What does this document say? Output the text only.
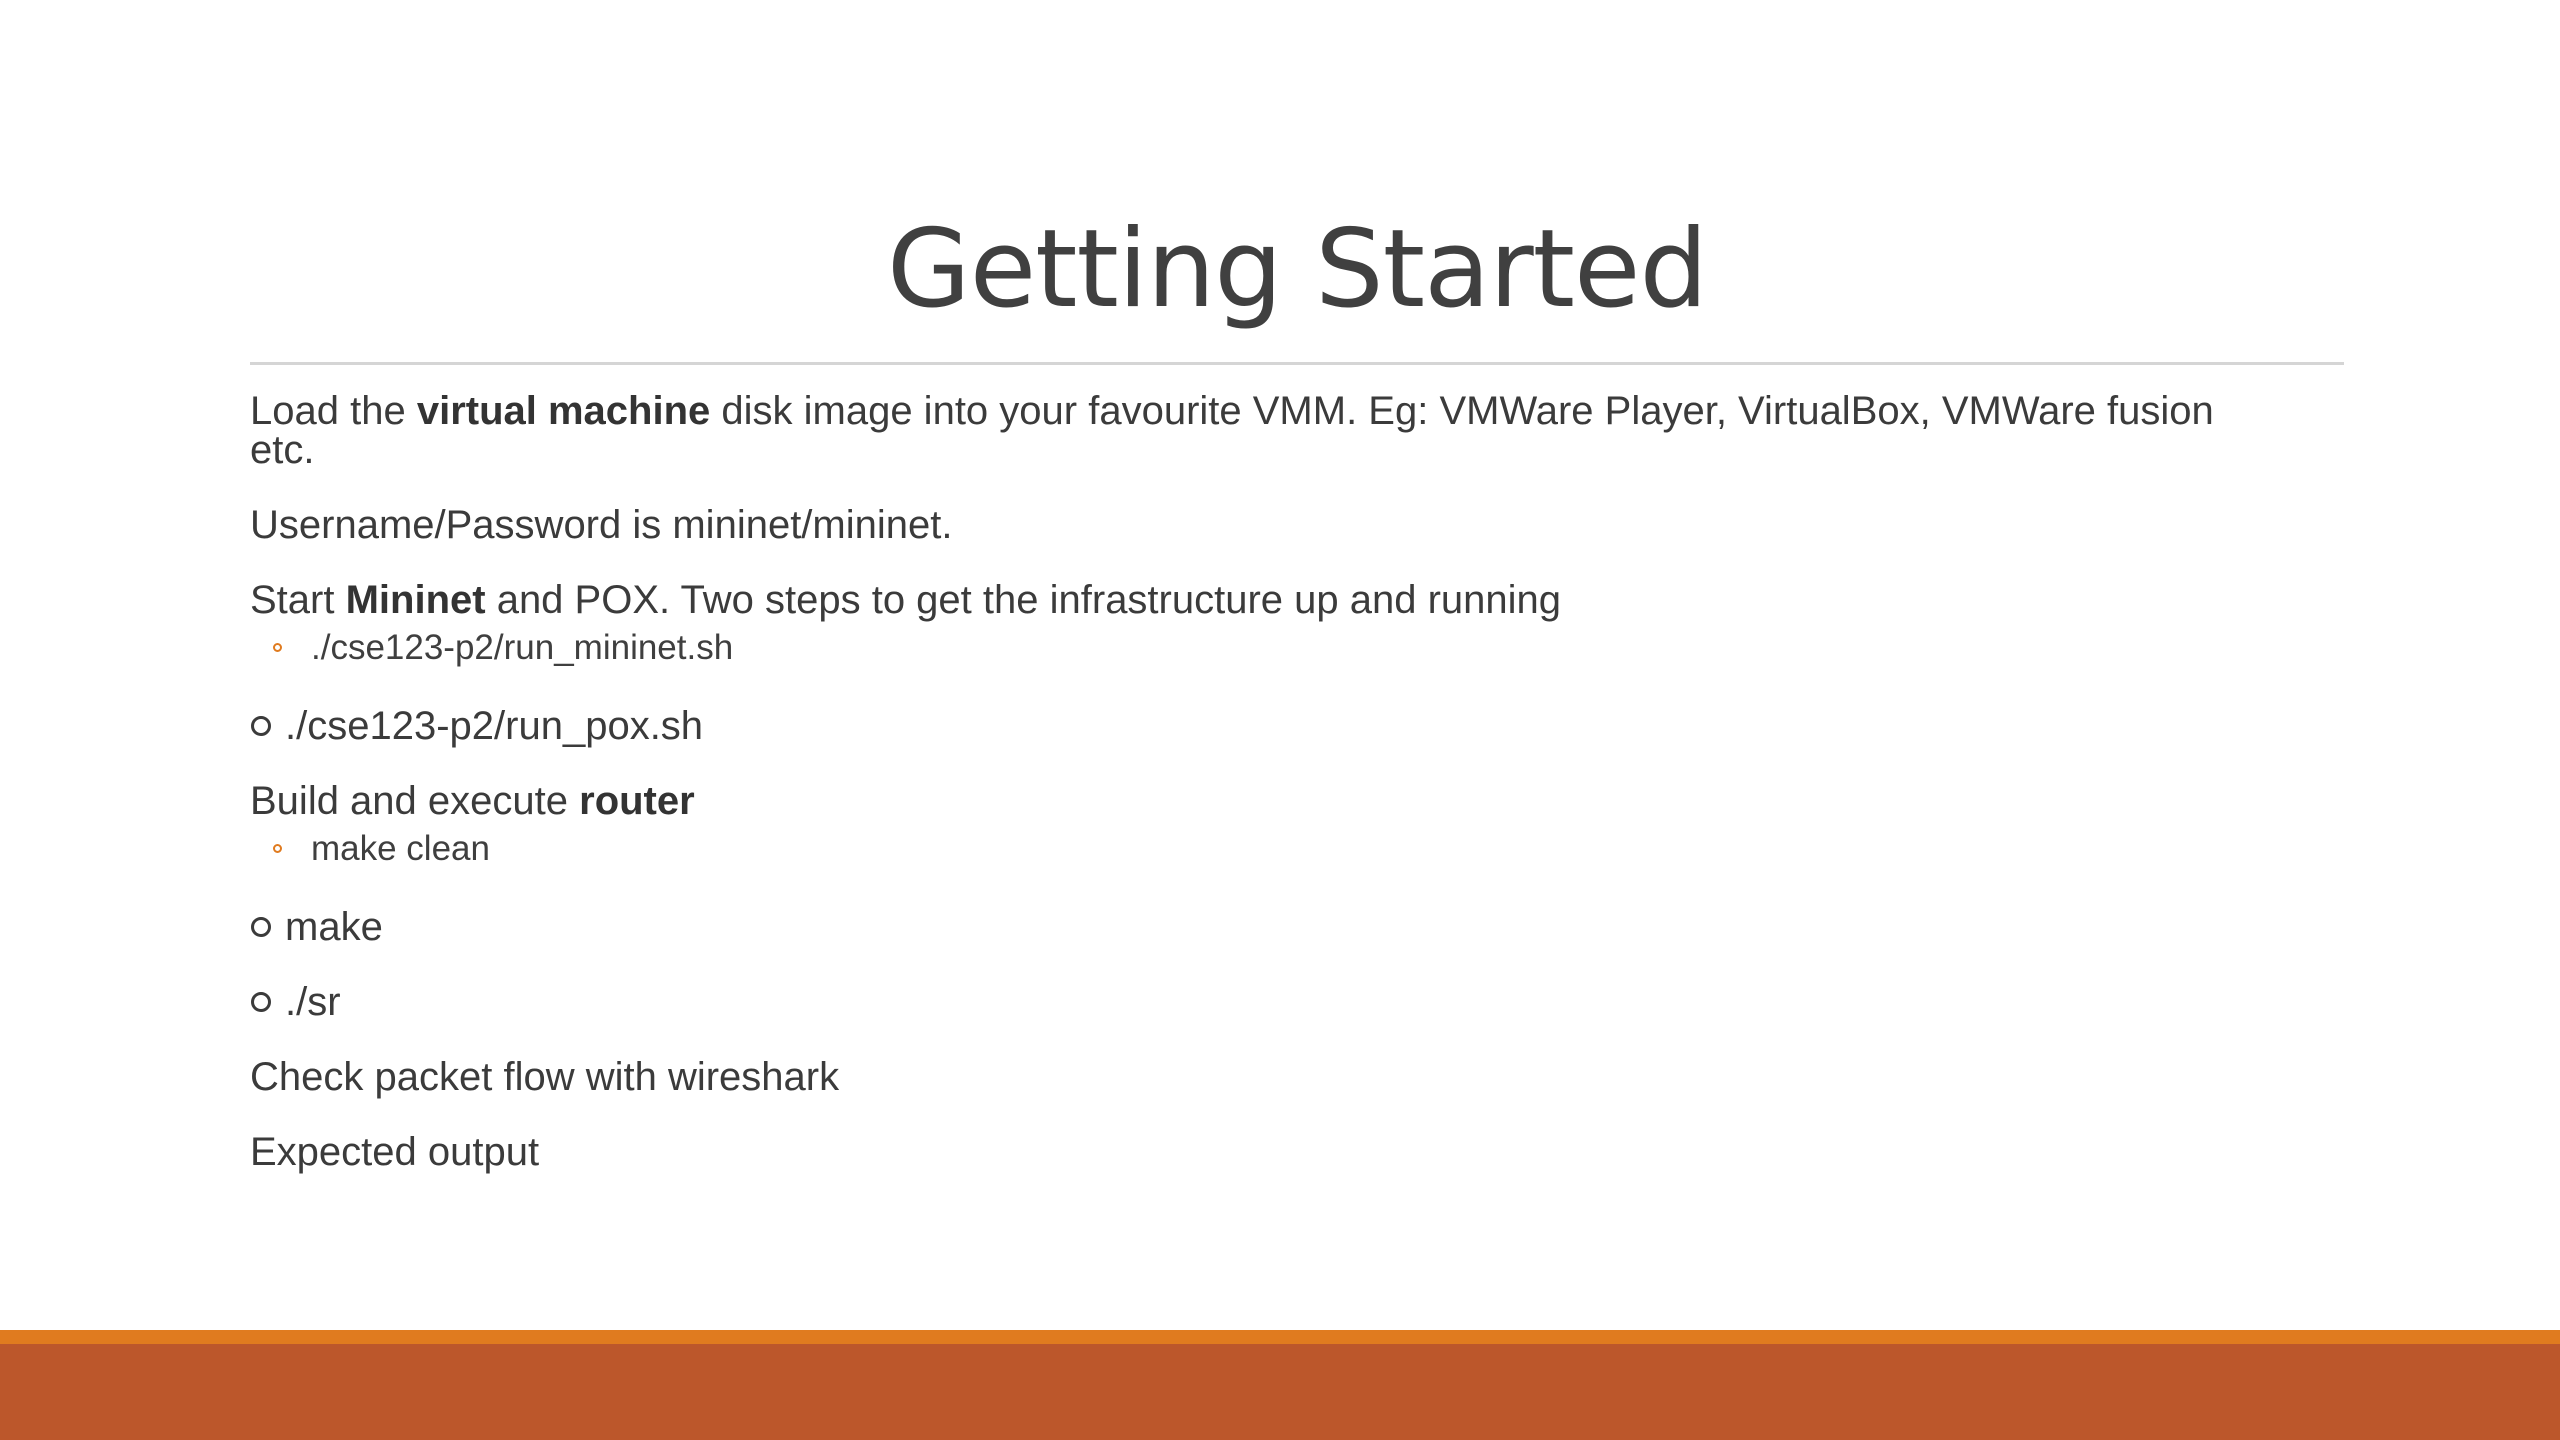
Getting Started

Load the virtual machine disk image into your favourite VMM. Eg: VMWare Player, VirtualBox, VMWare fusion

etc.

Username/Password is mininet/mininet.

Start Mininet and POX. Two steps to get the infrastructure up and running

./cse123-p2/run_mininet.sh

./cse123-p2/run_pox.sh

Build and execute router

make clean

make

./sr

Check packet flow with wireshark

Expected output
